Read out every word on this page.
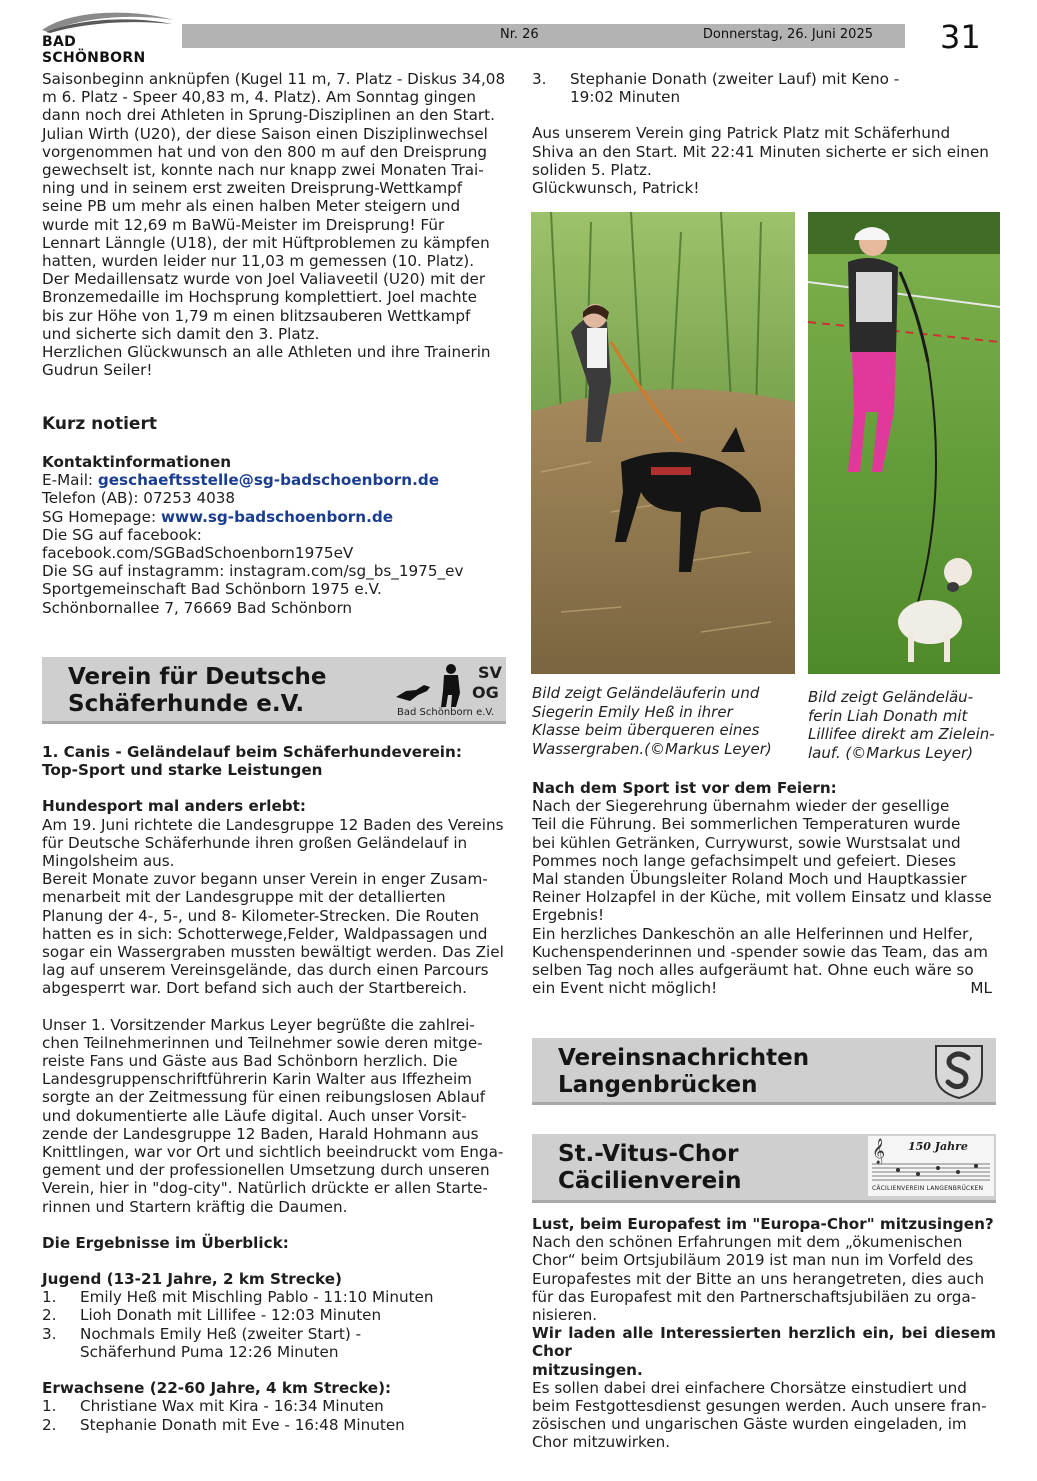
BAD SCHÖNBORN
Nr. 26	Donnerstag, 26. Juni 2025 31

Saisonbeginn anknüpfen (Kugel 11 m, 7. Platz - Diskus 34,08

m 6. Platz - Speer 40,83 m, 4. Platz). Am Sonntag gingen

dann noch drei Athleten in Sprung-Disziplinen an den Start.

Julian Wirth (U20), der diese Saison einen Disziplinwechsel

vorgenommen hat und von den 800 m auf den Dreisprung

gewechselt ist, konnte nach nur knapp zwei Monaten Trai-

ning und in seinem erst zweiten Dreisprung-Wettkampf

seine PB um mehr als einen halben Meter steigern und

wurde mit 12,69 m BaWü-Meister im Dreisprung! Für

Lennart Länngle (U18), der mit Hüftproblemen zu kämpfen

hatten, wurden leider nur 11,03 m gemessen (10. Platz).

Der Medaillensatz wurde von Joel Valiaveetil (U20) mit der

Bronzemedaille im Hochsprung komplettiert. Joel machte

bis zur Höhe von 1,79 m einen blitzsauberen Wettkampf

und sicherte sich damit den 3. Platz.

Herzlichen Glückwunsch an alle Athleten und ihre Trainerin

Gudrun Seiler!

Kurz notiert

Kontaktinformationen

E-Mail: geschaeftsstelle@sg-badschoenborn.de

Telefon (AB): 07253 4038

SG Homepage: www.sg-badschoenborn.de

Die SG auf facebook:

facebook.com/SGBadSchoenborn1975eV

Die SG auf instagramm: instagram.com/sg_bs_1975_ev

Sportgemeinschaft Bad Schönborn 1975 e.V.

Schönbornallee 7, 76669 Bad Schönborn

Verein für Deutsche
Schäferhunde e.V.
SV
OG
Bad Schönborn e.V.

1. Canis - Geländelauf beim Schäferhundeverein:

Top-Sport und starke Leistungen

Hundesport mal anders erlebt:

Am 19. Juni richtete die Landesgruppe 12 Baden des Vereins

für Deutsche Schäferhunde ihren großen Geländelauf in

Mingolsheim aus.

Bereit Monate zuvor begann unser Verein in enger Zusam-

menarbeit mit der Landesgruppe mit der detallierten

Planung der 4-, 5-, und 8- Kilometer-Strecken. Die Routen

hatten es in sich: Schotterwege,Felder, Waldpassagen und

sogar ein Wassergraben mussten bewältigt werden. Das Ziel

lag auf unserem Vereinsgelände, das durch einen Parcours

abgesperrt war. Dort befand sich auch der Startbereich.

Unser 1. Vorsitzender Markus Leyer begrüßte die zahlrei-

chen Teilnehmerinnen und Teilnehmer sowie deren mitge-

reiste Fans und Gäste aus Bad Schönborn herzlich. Die

Landesgruppenschriftführerin Karin Walter aus Iffezheim

sorgte an der Zeitmessung für einen reibungslosen Ablauf

und dokumentierte alle Läufe digital. Auch unser Vorsit-

zende der Landesgruppe 12 Baden, Harald Hohmann aus

Knittlingen, war vor Ort und sichtlich beeindruckt vom Enga-

gement und der professionellen Umsetzung durch unseren

Verein, hier in "dog-city". Natürlich drückte er allen Starte-

rinnen und Startern kräftig die Daumen.

Die Ergebnisse im Überblick:

Jugend (13-21 Jahre, 2 km Strecke)

1.	Emily Heß mit Mischling Pablo - 11:10 Minuten
2.	Lioh Donath mit Lillifee - 12:03 Minuten
3.	Nochmals Emily Heß (zweiter Start) -
Schäferhund Puma 12:26 Minuten

Erwachsene (22-60 Jahre, 4 km Strecke):

1.	Christiane Wax mit Kira - 16:34 Minuten
2.	Stephanie Donath mit Eve - 16:48 Minuten
3.	Stephanie Donath (zweiter Lauf) mit Keno -
19:02 Minuten

Aus unserem Verein ging Patrick Platz mit Schäferhund

Shiva an den Start. Mit 22:41 Minuten sicherte er sich einen

soliden 5. Platz.

Glückwunsch, Patrick!

Bild zeigt Geländeläuferin und
Siegerin Emily Heß in ihrer
Klasse beim überqueren eines
Wassergraben.(©Markus Leyer)
Bild zeigt Geländeläu-
ferin Liah Donath mit
Lillifee direkt am Zielein-
lauf. (©Markus Leyer)

Nach dem Sport ist vor dem Feiern:

Nach der Siegerehrung übernahm wieder der gesellige

Teil die Führung. Bei sommerlichen Temperaturen wurde

bei kühlen Getränken, Currywurst, sowie Wurstsalat und

Pommes noch lange gefachsimpelt und gefeiert. Dieses

Mal standen Übungsleiter Roland Moch und Hauptkassier

Reiner Holzapfel in der Küche, mit vollem Einsatz und klasse

Ergebnis!

Ein herzliches Dankeschön an alle Helferinnen und Helfer,

Kuchenspenderinnen und -spender sowie das Team, das am

selben Tag noch alles aufgeräumt hat. Ohne euch wäre so

ein Event nicht möglich!	ML

Vereinsnachrichten
Langenbrücken
St.-Vitus-Chor
Cäcilienverein
𝄞 150 Jahre
CÄCILIENVEREIN LANGENBRÜCKEN

Lust, beim Europafest im "Europa-Chor" mitzusingen?

Nach den schönen Erfahrungen mit dem „ökumenischen

Chor“ beim Ortsjubiläum 2019 ist man nun im Vorfeld des

Europafestes mit der Bitte an uns herangetreten, dies auch

für das Europafest mit den Partnerschaftsjubiläen zu orga-

nisieren.

Wir laden alle Interessierten herzlich ein, bei diesem Chor

mitzusingen.

Es sollen dabei drei einfachere Chorsätze einstudiert und

beim Festgottesdienst gesungen werden. Auch unsere fran-

zösischen und ungarischen Gäste wurden eingeladen, im

Chor mitzuwirken.
